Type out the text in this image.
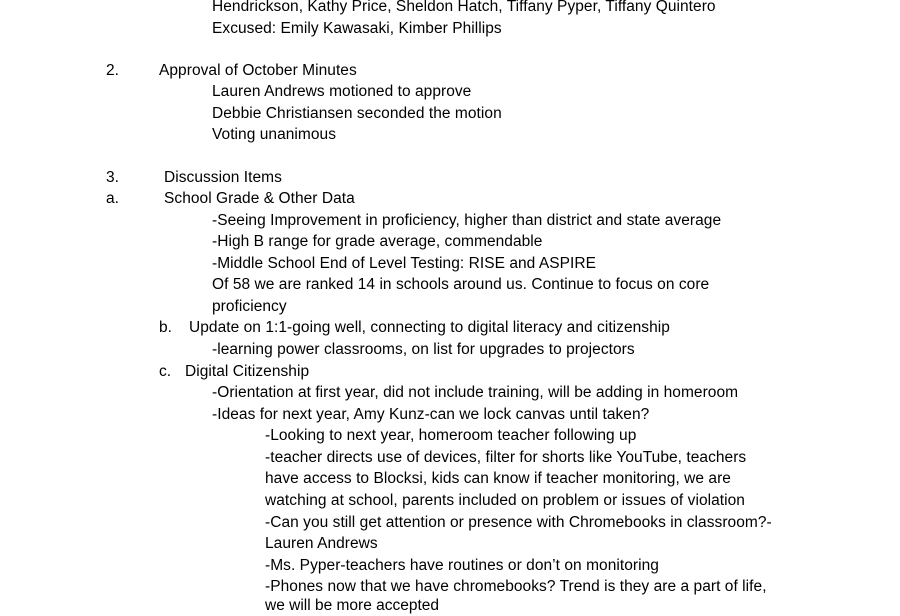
Hendrickson, Kathy Price, Sheldon Hatch, Tiffany Pyper, Tiffany Quintero
Excused: Emily Kawasaki, Kimber Phillips
2.	Approval of October Minutes
Lauren Andrews motioned to approve
Debbie Christiansen seconded the motion
Voting unanimous
3.	Discussion Items
a.	School Grade & Other Data
-Seeing Improvement in proficiency, higher than district and state average
-High B range for grade average, commendable
-Middle School End of Level Testing: RISE and ASPIRE
Of 58 we are ranked 14 in schools around us. Continue to focus on core
proficiency
b. Update on 1:1-going well, connecting to digital literacy and citizenship
-learning power classrooms, on list for upgrades to projectors
c. Digital Citizenship
-Orientation at first year, did not include training, will be adding in homeroom
-Ideas for next year, Amy Kunz-can we lock canvas until taken?
-Looking to next year, homeroom teacher following up
-teacher directs use of devices, filter for shorts like YouTube, teachers
have access to Blocksi, kids can know if teacher monitoring, we are
watching at school, parents included on problem or issues of violation
-Can you still get attention or presence with Chromebooks in classroom?-
Lauren Andrews
-Ms. Pyper-teachers have routines or don’t on monitoring
-Phones now that we have chromebooks? Trend is they are a part of life,
we will be more accepted
